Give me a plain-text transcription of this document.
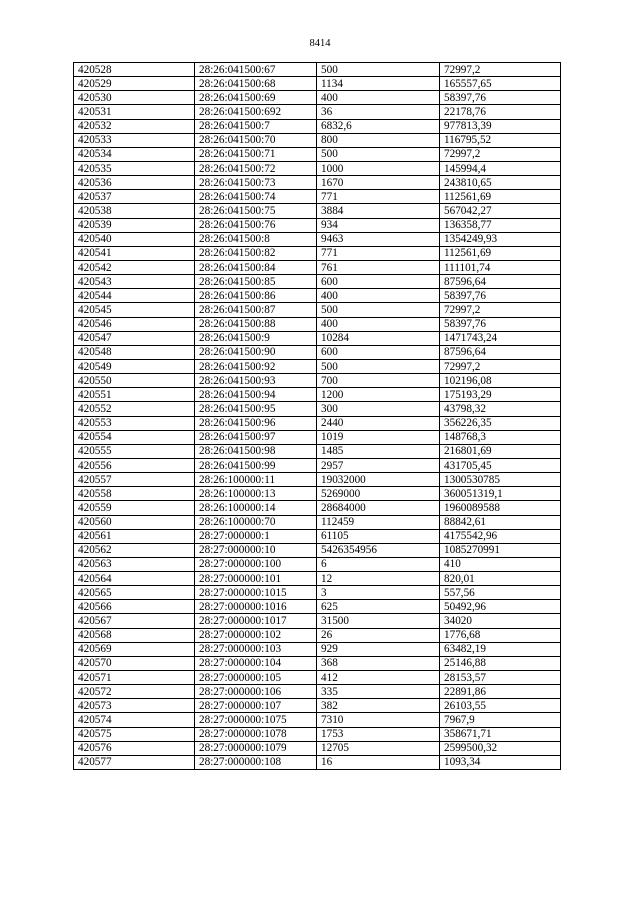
8414
420528	28:26:041500:67	500	72997,2
420529	28:26:041500:68	1134	165557,65
420530	28:26:041500:69	400	58397,76
420531	28:26:041500:692	36	22178,76
420532	28:26:041500:7	6832,6	977813,39
420533	28:26:041500:70	800	116795,52
420534	28:26:041500:71	500	72997,2
420535	28:26:041500:72	1000	145994,4
420536	28:26:041500:73	1670	243810,65
420537	28:26:041500:74	771	112561,69
420538	28:26:041500:75	3884	567042,27
420539	28:26:041500:76	934	136358,77
420540	28:26:041500:8	9463	1354249,93
420541	28:26:041500:82	771	112561,69
420542	28:26:041500:84	761	111101,74
420543	28:26:041500:85	600	87596,64
420544	28:26:041500:86	400	58397,76
420545	28:26:041500:87	500	72997,2
420546	28:26:041500:88	400	58397,76
420547	28:26:041500:9	10284	1471743,24
420548	28:26:041500:90	600	87596,64
420549	28:26:041500:92	500	72997,2
420550	28:26:041500:93	700	102196,08
420551	28:26:041500:94	1200	175193,29
420552	28:26:041500:95	300	43798,32
420553	28:26:041500:96	2440	356226,35
420554	28:26:041500:97	1019	148768,3
420555	28:26:041500:98	1485	216801,69
420556	28:26:041500:99	2957	431705,45
420557	28:26:100000:11	19032000	1300530785
420558	28:26:100000:13	5269000	360051319,1
420559	28:26:100000:14	28684000	1960089588
420560	28:26:100000:70	112459	88842,61
420561	28:27:000000:1	61105	4175542,96
420562	28:27:000000:10	5426354956	1085270991
420563	28:27:000000:100	6	410
420564	28:27:000000:101	12	820,01
420565	28:27:000000:1015	3	557,56
420566	28:27:000000:1016	625	50492,96
420567	28:27:000000:1017	31500	34020
420568	28:27:000000:102	26	1776,68
420569	28:27:000000:103	929	63482,19
420570	28:27:000000:104	368	25146,88
420571	28:27:000000:105	412	28153,57
420572	28:27:000000:106	335	22891,86
420573	28:27:000000:107	382	26103,55
420574	28:27:000000:1075	7310	7967,9
420575	28:27:000000:1078	1753	358671,71
420576	28:27:000000:1079	12705	2599500,32
420577	28:27:000000:108	16	1093,34
